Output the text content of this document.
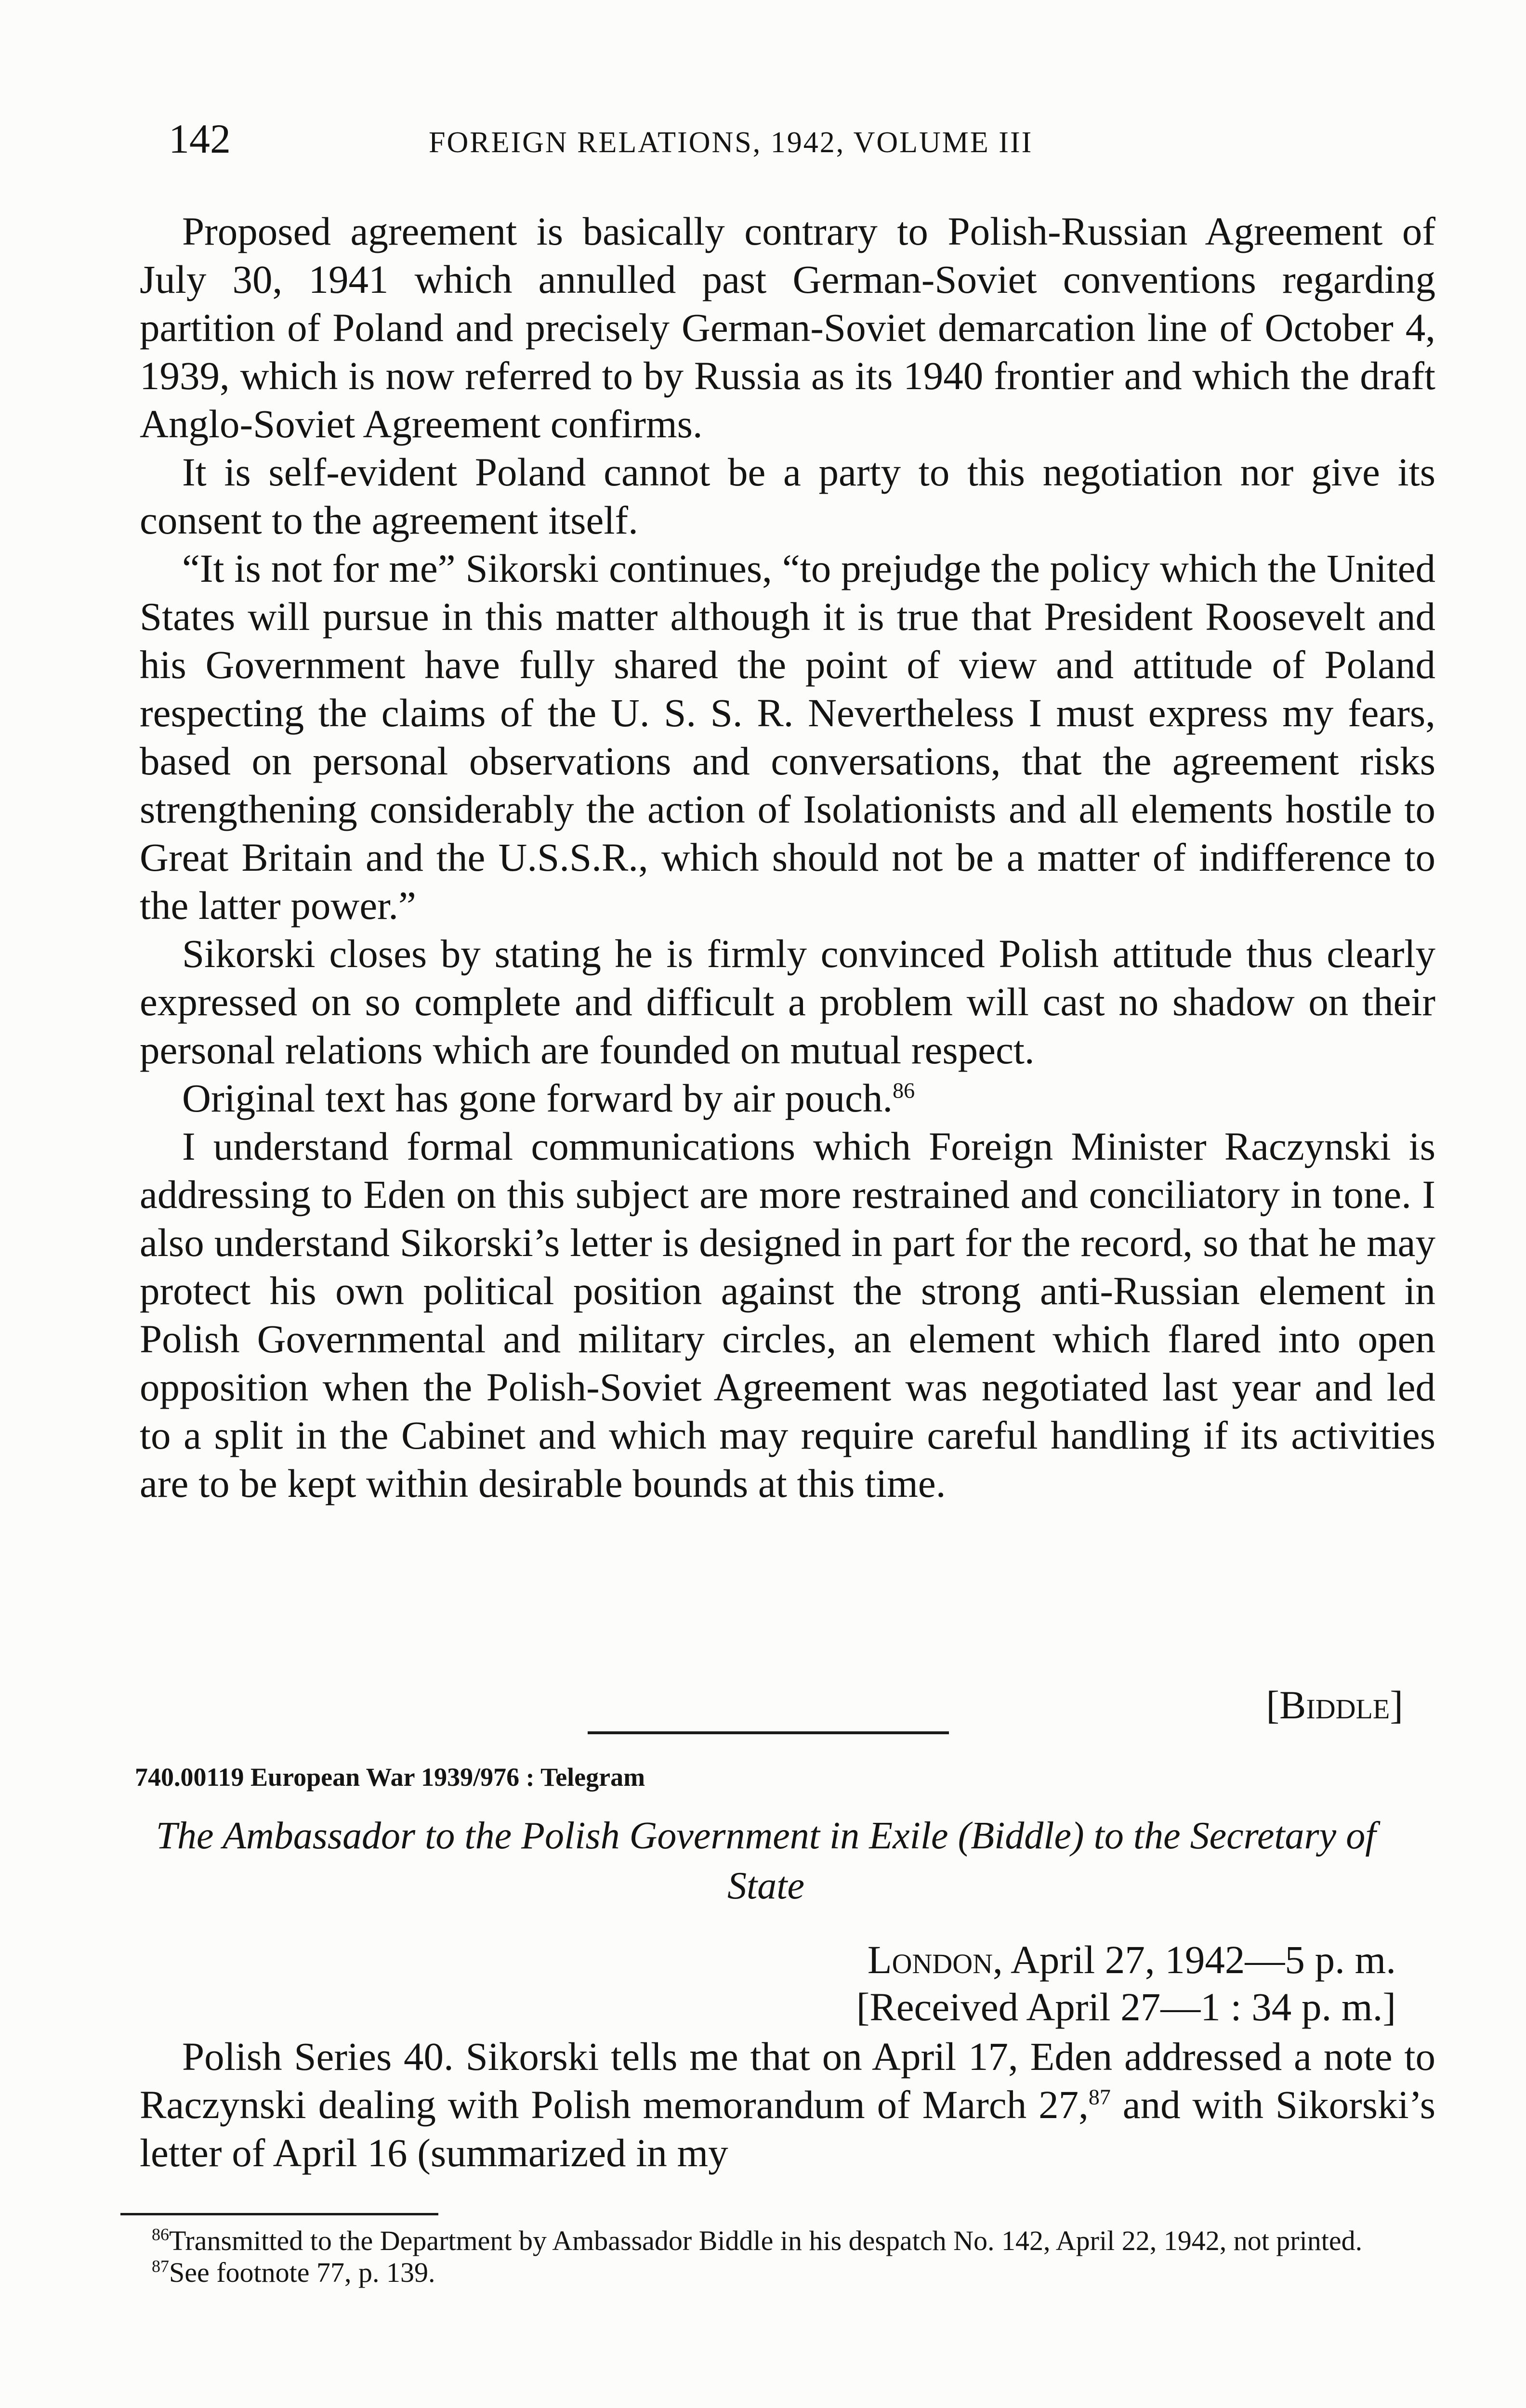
142	FOREIGN RELATIONS, 1942, VOLUME III

Proposed agreement is basically contrary to Polish-Russian Agreement of July 30, 1941 which annulled past German-Soviet conventions regarding partition of Poland and precisely German-Soviet demarcation line of October 4, 1939, which is now referred to by Russia as its 1940 frontier and which the draft Anglo-Soviet Agreement confirms.

It is self-evident Poland cannot be a party to this negotiation nor give its consent to the agreement itself.

“It is not for me” Sikorski continues, “to prejudge the policy which the United States will pursue in this matter although it is true that President Roosevelt and his Government have fully shared the point of view and attitude of Poland respecting the claims of the U. S. S. R. Nevertheless I must express my fears, based on personal observations and conversations, that the agreement risks strengthening considerably the action of Isolationists and all elements hostile to Great Britain and the U.S.S.R., which should not be a matter of indifference to the latter power.”

Sikorski closes by stating he is firmly convinced Polish attitude thus clearly expressed on so complete and difficult a problem will cast no shadow on their personal relations which are founded on mutual respect.

Original text has gone forward by air pouch.$^{86}$

I understand formal communications which Foreign Minister Raczynski is addressing to Eden on this subject are more restrained and conciliatory in tone. I also understand Sikorski’s letter is designed in part for the record, so that he may protect his own political position against the strong anti-Russian element in Polish Governmental and military circles, an element which flared into open opposition when the Polish-Soviet Agreement was negotiated last year and led to a split in the Cabinet and which may require careful handling if its activities are to be kept within desirable bounds at this time.

[Biddle]
740.00119 European War 1939/976 : Telegram
The Ambassador to the Polish Government in Exile (Biddle) to the Secretary of State
London, April 27, 1942—5 p. m.
[Received April 27—1 : 34 p. m.]

Polish Series 40. Sikorski tells me that on April 17, Eden addressed a note to Raczynski dealing with Polish memorandum of March 27,87 and with Sikorski’s letter of April 16 (summarized in my

$^{86}$Transmitted to the Department by Ambassador Biddle in his despatch No. 142, April 22, 1942, not printed.

$^{87}$See footnote 77, p. 139.
